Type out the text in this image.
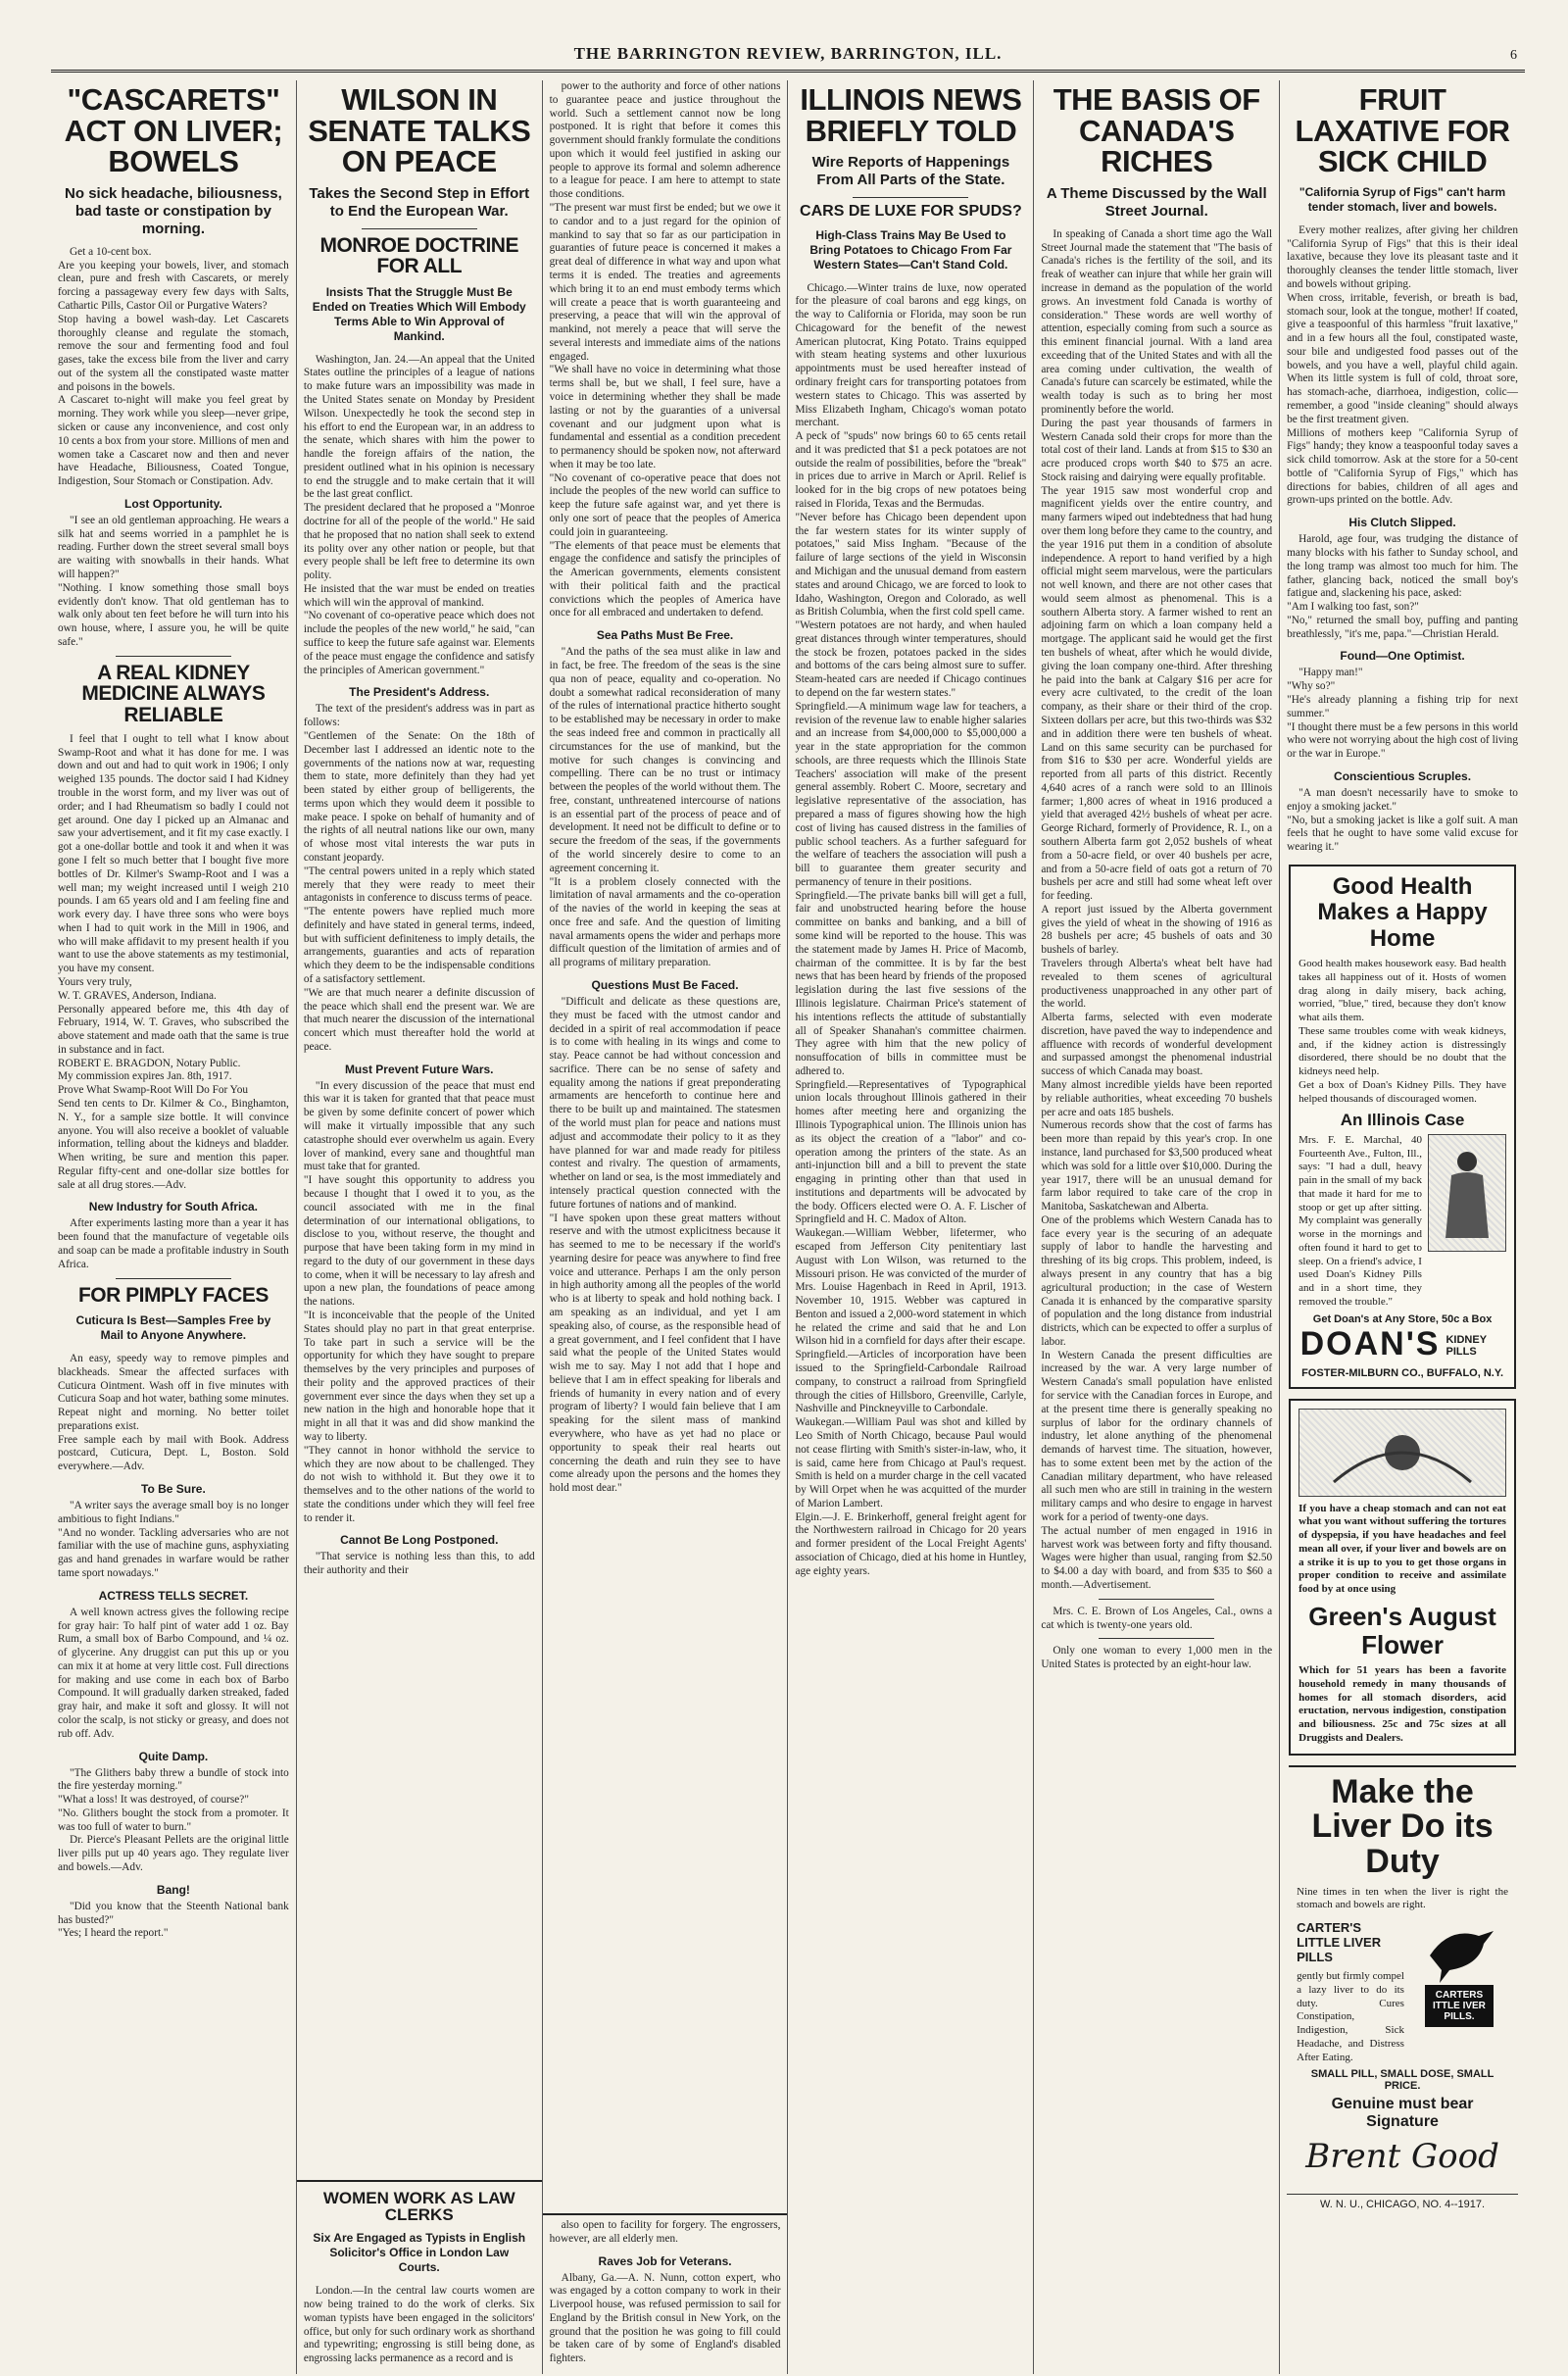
THE BARRINGTON REVIEW, BARRINGTON, ILL.	6
"CASCARETS" ACT ON LIVER; BOWELS
No sick headache, biliousness, bad taste or constipation by morning.
Get a 10-cent box.
Are you keeping your bowels, liver, and stomach clean, pure and fresh with Cascarets, or merely forcing a passageway every few days with Salts, Cathartic Pills, Castor Oil or Purgative Waters?
Stop having a bowel wash-day. Let Cascarets thoroughly cleanse and regulate the stomach, remove the sour and fermenting food and foul gases, take the excess bile from the liver and carry out of the system all the constipated waste matter and poisons in the bowels.
A Cascaret to-night will make you feel great by morning. They work while you sleep—never gripe, sicken or cause any inconvenience, and cost only 10 cents a box from your store. Millions of men and women take a Cascaret now and then and never have Headache, Biliousness, Coated Tongue, Indigestion, Sour Stomach or Constipation. Adv.
Lost Opportunity.
"I see an old gentleman approaching. He wears a silk hat and seems worried in a pamphlet he is reading. Further down the street several small boys are waiting with snowballs in their hands. What will happen?"
"Nothing. I know something those small boys evidently don't know. That old gentleman has to walk only about ten feet before he will turn into his own house, where, I assure you, he will be quite safe."
A REAL KIDNEY MEDICINE ALWAYS RELIABLE
I feel that I ought to tell what I know about Swamp-Root and what it has done for me. I was down and out and had to quit work in 1906; I only weighed 135 pounds. The doctor said I had Kidney trouble in the worst form, and my liver was out of order; and I had Rheumatism so badly I could not get around. One day I picked up an Almanac and saw your advertisement, and it fit my case exactly. I got a one-dollar bottle and took it and when it was gone I felt so much better that I bought five more bottles of Dr. Kilmer's Swamp-Root and I was a well man; my weight increased until I weigh 210 pounds. I am 65 years old and I am feeling fine and work every day. I have three sons who were boys when I had to quit work in the Mill in 1906, and who will make affidavit to my present health if you want to use the above statements as my testimonial, you have my consent.
Yours very truly,
W. T. GRAVES, Anderson, Indiana.
Personally appeared before me, this 4th day of February, 1914, W. T. Graves, who subscribed the above statement and made oath that the same is true in substance and in fact.
ROBERT E. BRAGDON, Notary Public.
My commission expires Jan. 8th, 1917.
Prove What Swamp-Root Will Do For You
Send ten cents to Dr. Kilmer & Co., Binghamton, N. Y., for a sample size bottle. It will convince anyone. You will also receive a booklet of valuable information, telling about the kidneys and bladder. When writing, be sure and mention this paper. Regular fifty-cent and one-dollar size bottles for sale at all drug stores.—Adv.
New Industry for South Africa.
After experiments lasting more than a year it has been found that the manufacture of vegetable oils and soap can be made a profitable industry in South Africa.
FOR PIMPLY FACES
Cuticura Is Best—Samples Free by Mail to Anyone Anywhere.
An easy, speedy way to remove pimples and blackheads. Smear the affected surfaces with Cuticura Ointment. Wash off in five minutes with Cuticura Soap and hot water, bathing some minutes. Repeat night and morning. No better toilet preparations exist.
Free sample each by mail with Book. Address postcard, Cuticura, Dept. L, Boston. Sold everywhere.—Adv.
To Be Sure.
"A writer says the average small boy is no longer ambitious to fight Indians."
"And no wonder. Tackling adversaries who are not familiar with the use of machine guns, asphyxiating gas and hand grenades in warfare would be rather tame sport nowadays."
ACTRESS TELLS SECRET.
A well known actress gives the following recipe for gray hair: To half pint of water add 1 oz. Bay Rum, a small box of Barbo Compound, and ¼ oz. of glycerine. Any druggist can put this up or you can mix it at home at very little cost. Full directions for making and use come in each box of Barbo Compound. It will gradually darken streaked, faded gray hair, and make it soft and glossy. It will not color the scalp, is not sticky or greasy, and does not rub off. Adv.
Quite Damp.
"The Glithers baby threw a bundle of stock into the fire yesterday morning."
"What a loss! It was destroyed, of course?"
"No. Glithers bought the stock from a promoter. It was too full of water to burn."
Dr. Pierce's Pleasant Pellets are the original little liver pills put up 40 years ago. They regulate liver and bowels.—Adv.
Bang!
"Did you know that the Steenth National bank has busted?"
"Yes; I heard the report."
WILSON IN SENATE TALKS ON PEACE
Takes the Second Step in Effort to End the European War.
MONROE DOCTRINE FOR ALL
Insists That the Struggle Must Be Ended on Treaties Which Will Embody Terms Able to Win Approval of Mankind.
Washington, Jan. 24.—An appeal that the United States outline the principles of a league of nations to make future wars an impossibility was made in the United States senate on Monday by President Wilson. Unexpectedly he took the second step in his effort to end the European war, in an address to the senate, which shares with him the power to handle the foreign affairs of the nation, the president outlined what in his opinion is necessary to end the struggle and to make certain that it will be the last great conflict.
The president declared that he proposed a "Monroe doctrine for all of the people of the world." He said that he proposed that no nation shall seek to extend its polity over any other nation or people, but that every people shall be left free to determine its own polity.
He insisted that the war must be ended on treaties which will win the approval of mankind.
"No covenant of co-operative peace which does not include the peoples of the new world," he said, "can suffice to keep the future safe against war. Elements of the peace must engage the confidence and satisfy the principles of American government."
The President's Address.
The text of the president's address was in part as follows:
"Gentlemen of the Senate: On the 18th of December last I addressed an identic note to the governments of the nations now at war, requesting them to state, more definitely than they had yet been stated by either group of belligerents, the terms upon which they would deem it possible to make peace. I spoke on behalf of humanity and of the rights of all neutral nations like our own, many of whose most vital interests the war puts in constant jeopardy.
"The central powers united in a reply which stated merely that they were ready to meet their antagonists in conference to discuss terms of peace.
"The entente powers have replied much more definitely and have stated in general terms, indeed, but with sufficient definiteness to imply details, the arrangements, guaranties and acts of reparation which they deem to be the indispensable conditions of a satisfactory settlement.
"We are that much nearer a definite discussion of the peace which shall end the present war. We are that much nearer the discussion of the international concert which must thereafter hold the world at peace.
Must Prevent Future Wars.
"In every discussion of the peace that must end this war it is taken for granted that that peace must be given by some definite concert of power which will make it virtually impossible that any such catastrophe should ever overwhelm us again. Every lover of mankind, every sane and thoughtful man must take that for granted.
"I have sought this opportunity to address you because I thought that I owed it to you, as the council associated with me in the final determination of our international obligations, to disclose to you, without reserve, the thought and purpose that have been taking form in my mind in regard to the duty of our government in these days to come, when it will be necessary to lay afresh and upon a new plan, the foundations of peace among the nations.
"It is inconceivable that the people of the United States should play no part in that great enterprise. To take part in such a service will be the opportunity for which they have sought to prepare themselves by the very principles and purposes of their polity and the approved practices of their government ever since the days when they set up a new nation in the high and honorable hope that it might in all that it was and did show mankind the way to liberty.
"They cannot in honor withhold the service to which they are now about to be challenged. They do not wish to withhold it. But they owe it to themselves and to the other nations of the world to state the conditions under which they will feel free to render it.
Cannot Be Long Postponed.
"That service is nothing less than this, to add their authority and their
WOMEN WORK AS LAW CLERKS
Six Are Engaged as Typists in English Solicitor's Office in London Law Courts.
London.—In the central law courts women are now being trained to do the work of clerks. Six woman typists have been engaged in the solicitors' office, but only for such ordinary work as shorthand and typewriting; engrossing is still being done, as engrossing lacks permanence as a record and is
power to the authority and force of other nations to guarantee peace and justice throughout the world. Such a settlement cannot now be long postponed. It is right that before it comes this government should frankly formulate the conditions upon which it would feel justified in asking our people to approve its formal and solemn adherence to a league for peace. I am here to attempt to state those conditions.
"The present war must first be ended; but we owe it to candor and to a just regard for the opinion of mankind to say that so far as our participation in guaranties of future peace is concerned it makes a great deal of difference in what way and upon what terms it is ended. The treaties and agreements which bring it to an end must embody terms which will create a peace that is worth guaranteeing and preserving, a peace that will win the approval of mankind, not merely a peace that will serve the several interests and immediate aims of the nations engaged.
"We shall have no voice in determining what those terms shall be, but we shall, I feel sure, have a voice in determining whether they shall be made lasting or not by the guaranties of a universal covenant and our judgment upon what is fundamental and essential as a condition precedent to permanency should be spoken now, not afterward when it may be too late.
"No covenant of co-operative peace that does not include the peoples of the new world can suffice to keep the future safe against war, and yet there is only one sort of peace that the peoples of America could join in guaranteeing.
"The elements of that peace must be elements that engage the confidence and satisfy the principles of the American governments, elements consistent with their political faith and the practical convictions which the peoples of America have once for all embraced and undertaken to defend.
Sea Paths Must Be Free.
"And the paths of the sea must alike in law and in fact, be free. The freedom of the seas is the sine qua non of peace, equality and co-operation. No doubt a somewhat radical reconsideration of many of the rules of international practice hitherto sought to be established may be necessary in order to make the seas indeed free and common in practically all circumstances for the use of mankind, but the motive for such changes is convincing and compelling. There can be no trust or intimacy between the peoples of the world without them. The free, constant, unthreatened intercourse of nations is an essential part of the process of peace and of development. It need not be difficult to define or to secure the freedom of the seas, if the governments of the world sincerely desire to come to an agreement concerning it.
"It is a problem closely connected with the limitation of naval armaments and the co-operation of the navies of the world in keeping the seas at once free and safe. And the question of limiting naval armaments opens the wider and perhaps more difficult question of the limitation of armies and of all programs of military preparation.
Questions Must Be Faced.
"Difficult and delicate as these questions are, they must be faced with the utmost candor and decided in a spirit of real accommodation if peace is to come with healing in its wings and come to stay. Peace cannot be had without concession and sacrifice. There can be no sense of safety and equality among the nations if great preponderating armaments are henceforth to continue here and there to be built up and maintained. The statesmen of the world must plan for peace and nations must adjust and accommodate their policy to it as they have planned for war and made ready for pitiless contest and rivalry. The question of armaments, whether on land or sea, is the most immediately and intensely practical question connected with the future fortunes of nations and of mankind.
"I have spoken upon these great matters without reserve and with the utmost explicitness because it has seemed to me to be necessary if the world's yearning desire for peace was anywhere to find free voice and utterance. Perhaps I am the only person in high authority among all the peoples of the world who is at liberty to speak and hold nothing back. I am speaking as an individual, and yet I am speaking also, of course, as the responsible head of a great government, and I feel confident that I have said what the people of the United States would wish me to say. May I not add that I hope and believe that I am in effect speaking for liberals and friends of humanity in every nation and of every program of liberty? I would fain believe that I am speaking for the silent mass of mankind everywhere, who have as yet had no place or opportunity to speak their real hearts out concerning the death and ruin they see to have come already upon the persons and the homes they hold most dear."
also open to facility for forgery. The engrossers, however, are all elderly men.
Raves Job for Veterans.
Albany, Ga.—A. N. Nunn, cotton expert, who was engaged by a cotton company to work in their Liverpool house, was refused permission to sail for England by the British consul in New York, on the ground that the position he was going to fill could be taken care of by some of England's disabled fighters.
ILLINOIS NEWS BRIEFLY TOLD
Wire Reports of Happenings From All Parts of the State.
CARS DE LUXE FOR SPUDS?
High-Class Trains May Be Used to Bring Potatoes to Chicago From Far Western States—Can't Stand Cold.
Chicago.—Winter trains de luxe, now operated for the pleasure of coal barons and egg kings, on the way to California or Florida, may soon be run Chicagoward for the benefit of the newest American plutocrat, King Potato. Trains equipped with steam heating systems and other luxurious appointments must be used hereafter instead of ordinary freight cars for transporting potatoes from western states to Chicago. This was asserted by Miss Elizabeth Ingham, Chicago's woman potato merchant.
A peck of "spuds" now brings 60 to 65 cents retail and it was predicted that $1 a peck potatoes are not outside the realm of possibilities, before the "break" in prices due to arrive in March or April. Relief is looked for in the big crops of new potatoes being raised in Florida, Texas and the Bermudas.
"Never before has Chicago been dependent upon the far western states for its winter supply of potatoes," said Miss Ingham. "Because of the failure of large sections of the yield in Wisconsin and Michigan and the unusual demand from eastern states and around Chicago, we are forced to look to Idaho, Washington, Oregon and Colorado, as well as British Columbia, when the first cold spell came.
"Western potatoes are not hardy, and when hauled great distances through winter temperatures, should the stock be frozen, potatoes packed in the sides and bottoms of the cars being almost sure to suffer. Steam-heated cars are needed if Chicago continues to depend on the far western states."
Springfield.—A minimum wage law for teachers, a revision of the revenue law to enable higher salaries and an increase from $4,000,000 to $5,000,000 a year in the state appropriation for the common schools, are three requests which the Illinois State Teachers' association will make of the present general assembly. Robert C. Moore, secretary and legislative representative of the association, has prepared a mass of figures showing how the high cost of living has caused distress in the families of public school teachers. As a further safeguard for the welfare of teachers the association will push a bill to guarantee them greater security and permanency of tenure in their positions.
Springfield.—The private banks bill will get a full, fair and unobstructed hearing before the house committee on banks and banking, and a bill of some kind will be reported to the house. This was the statement made by James H. Price of Macomb, chairman of the committee. It is by far the best news that has been heard by friends of the proposed legislation during the last five sessions of the Illinois legislature. Chairman Price's statement of his intentions reflects the attitude of substantially all of Speaker Shanahan's committee chairmen. They agree with him that the new policy of nonsuffocation of bills in committee must be adhered to.
Springfield.—Representatives of Typographical union locals throughout Illinois gathered in their homes after meeting here and organizing the Illinois Typographical union. The Illinois union has as its object the creation of a "labor" and co-operation among the printers of the state. As an anti-injunction bill and a bill to prevent the state engaging in printing other than that used in institutions and departments will be advocated by the body. Officers elected were O. A. F. Lischer of Springfield and H. C. Madox of Alton.
Waukegan.—William Webber, lifetermer, who escaped from Jefferson City penitentiary last August with Lon Wilson, was returned to the Missouri prison. He was convicted of the murder of Mrs. Louise Hagenbach in Reed in April, 1913. November 10, 1915. Webber was captured in Benton and issued a 2,000-word statement in which he related the crime and said that he and Lon Wilson hid in a cornfield for days after their escape.
Springfield.—Articles of incorporation have been issued to the Springfield-Carbondale Railroad company, to construct a railroad from Springfield through the cities of Hillsboro, Greenville, Carlyle, Nashville and Pinckneyville to Carbondale.
Waukegan.—William Paul was shot and killed by Leo Smith of North Chicago, because Paul would not cease flirting with Smith's sister-in-law, who, it is said, came here from Chicago at Paul's request. Smith is held on a murder charge in the cell vacated by Will Orpet when he was acquitted of the murder of Marion Lambert.
Elgin.—J. E. Brinkerhoff, general freight agent for the Northwestern railroad in Chicago for 20 years and former president of the Local Freight Agents' association of Chicago, died at his home in Huntley, age eighty years.
THE BASIS OF CANADA'S RICHES
A Theme Discussed by the Wall Street Journal.
In speaking of Canada a short time ago the Wall Street Journal made the statement that "The basis of Canada's riches is the fertility of the soil, and its freak of weather can injure that while her grain will increase in demand as the population of the world grows. An investment fold Canada is worthy of consideration." These words are well worthy of attention, especially coming from such a source as this eminent financial journal. With a land area exceeding that of the United States and with all the area coming under cultivation, the wealth of Canada's future can scarcely be estimated, while the wealth today is such as to bring her most prominently before the world.
During the past year thousands of farmers in Western Canada sold their crops for more than the total cost of their land. Lands at from $15 to $30 an acre produced crops worth $40 to $75 an acre. Stock raising and dairying were equally profitable.
The year 1915 saw most wonderful crop and magnificent yields over the entire country, and many farmers wiped out indebtedness that had hung over them long before they came to the country, and the year 1916 put them in a condition of absolute independence. A report to hand verified by a high official might seem marvelous, were the particulars not well known, and there are not other cases that would seem almost as phenomenal. This is a southern Alberta story. A farmer wished to rent an adjoining farm on which a loan company held a mortgage. The applicant said he would get the first ten bushels of wheat, after which he would divide, giving the loan company one-third. After threshing he paid into the bank at Calgary $16 per acre for every acre cultivated, to the credit of the loan company, as their share or their third of the crop. Sixteen dollars per acre, but this two-thirds was $32 and in addition there were ten bushels of wheat. Land on this same security can be purchased for from $16 to $30 per acre. Wonderful yields are reported from all parts of this district. Recently 4,640 acres of a ranch were sold to an Illinois farmer; 1,800 acres of wheat in 1916 produced a yield that averaged 42½ bushels of wheat per acre. George Richard, formerly of Providence, R. I., on a southern Alberta farm got 2,052 bushels of wheat from a 50-acre field, or over 40 bushels per acre, and from a 50-acre field of oats got a return of 70 bushels per acre and still had some wheat left over for feeding.
A report just issued by the Alberta government gives the yield of wheat in the showing of 1916 as 28 bushels per acre; 45 bushels of oats and 30 bushels of barley.
Travelers through Alberta's wheat belt have had revealed to them scenes of agricultural productiveness unapproached in any other part of the world.
Alberta farms, selected with even moderate discretion, have paved the way to independence and affluence with records of wonderful development and surpassed amongst the phenomenal industrial success of which Canada may boast.
Many almost incredible yields have been reported by reliable authorities, wheat exceeding 70 bushels per acre and oats 185 bushels.
Numerous records show that the cost of farms has been more than repaid by this year's crop. In one instance, land purchased for $3,500 produced wheat which was sold for a little over $10,000. During the year 1917, there will be an unusual demand for farm labor required to take care of the crop in Manitoba, Saskatchewan and Alberta.
One of the problems which Western Canada has to face every year is the securing of an adequate supply of labor to handle the harvesting and threshing of its big crops. This problem, indeed, is always present in any country that has a big agricultural production; in the case of Western Canada it is enhanced by the comparative sparsity of population and the long distance from industrial districts, which can be expected to offer a surplus of labor.
In Western Canada the present difficulties are increased by the war. A very large number of Western Canada's small population have enlisted for service with the Canadian forces in Europe, and at the present time there is generally speaking no surplus of labor for the ordinary channels of industry, let alone anything of the phenomenal demands of harvest time. The situation, however, has to some extent been met by the action of the Canadian military department, who have released all such men who are still in training in the western military camps and who desire to engage in harvest work for a period of twenty-one days.
The actual number of men engaged in 1916 in harvest work was between forty and fifty thousand. Wages were higher than usual, ranging from $2.50 to $4.00 a day with board, and from $35 to $60 a month.—Advertisement.
Mrs. C. E. Brown of Los Angeles, Cal., owns a cat which is twenty-one years old.
Only one woman to every 1,000 men in the United States is protected by an eight-hour law.
FRUIT LAXATIVE FOR SICK CHILD
"California Syrup of Figs" can't harm tender stomach, liver and bowels.
Every mother realizes, after giving her children "California Syrup of Figs" that this is their ideal laxative, because they love its pleasant taste and it thoroughly cleanses the tender little stomach, liver and bowels without griping.
When cross, irritable, feverish, or breath is bad, stomach sour, look at the tongue, mother! If coated, give a teaspoonful of this harmless "fruit laxative," and in a few hours all the foul, constipated waste, sour bile and undigested food passes out of the bowels, and you have a well, playful child again. When its little system is full of cold, throat sore, has stomach-ache, diarrhoea, indigestion, colic—remember, a good "inside cleaning" should always be the first treatment given.
Millions of mothers keep "California Syrup of Figs" handy; they know a teaspoonful today saves a sick child tomorrow. Ask at the store for a 50-cent bottle of "California Syrup of Figs," which has directions for babies, children of all ages and grown-ups printed on the bottle. Adv.
His Clutch Slipped.
Harold, age four, was trudging the distance of many blocks with his father to Sunday school, and the long tramp was almost too much for him. The father, glancing back, noticed the small boy's fatigue and, slackening his pace, asked:
"Am I walking too fast, son?"
"No," returned the small boy, puffing and panting breathlessly, "it's me, papa."—Christian Herald.
Found—One Optimist.
"Happy man!"
"Why so?"
"He's already planning a fishing trip for next summer."
"I thought there must be a few persons in this world who were not worrying about the high cost of living or the war in Europe."
Conscientious Scruples.
"A man doesn't necessarily have to smoke to enjoy a smoking jacket."
"No, but a smoking jacket is like a golf suit. A man feels that he ought to have some valid excuse for wearing it."
Good Health Makes a Happy Home
Good health makes housework easy. Bad health takes all happiness out of it. Hosts of women drag along in daily misery, back aching, worried, "blue," tired, because they don't know what ails them.
These same troubles come with weak kidneys, and, if the kidney action is distressingly disordered, there should be no doubt that the kidneys need help.
Get a box of Doan's Kidney Pills. They have helped thousands of discouraged women.
An Illinois Case
Mrs. F. E. Marchal, 40 Fourteenth Ave., Fulton, Ill., says: "I had a dull, heavy pain in the small of my back that made it hard for me to stoop or get up after sitting. My complaint was generally worse in the mornings and often found it hard to get to sleep. On a friend's advice, I used Doan's Kidney Pills and in a short time, they removed the trouble."
Get Doan's at Any Store, 50c a Box
DOAN'S KIDNEY PILLS
FOSTER-MILBURN CO., BUFFALO, N.Y.
If you have a cheap stomach and can not eat what you want without suffering the tortures of dyspepsia, if you have headaches and feel mean all over, if your liver and bowels are on a strike it is up to you to get those organs in proper condition to receive and assimilate food by at once using
Green's August Flower
Which for 51 years has been a favorite household remedy in many thousands of homes for all stomach disorders, acid eructation, nervous indigestion, constipation and biliousness. 25c and 75c sizes at all Druggists and Dealers.
Make the Liver Do its Duty
Nine times in ten when the liver is right the stomach and bowels are right.
CARTER'S LITTLE LIVER PILLS
gently but firmly compel a lazy liver to do its duty. Cures Constipation, Indigestion, Sick Headache, and Distress After Eating.
CARTERS ITTLE IVER PILLS.
SMALL PILL, SMALL DOSE, SMALL PRICE.
Genuine must bear Signature
Brent Good
W. N. U., CHICAGO, NO. 4--1917.
